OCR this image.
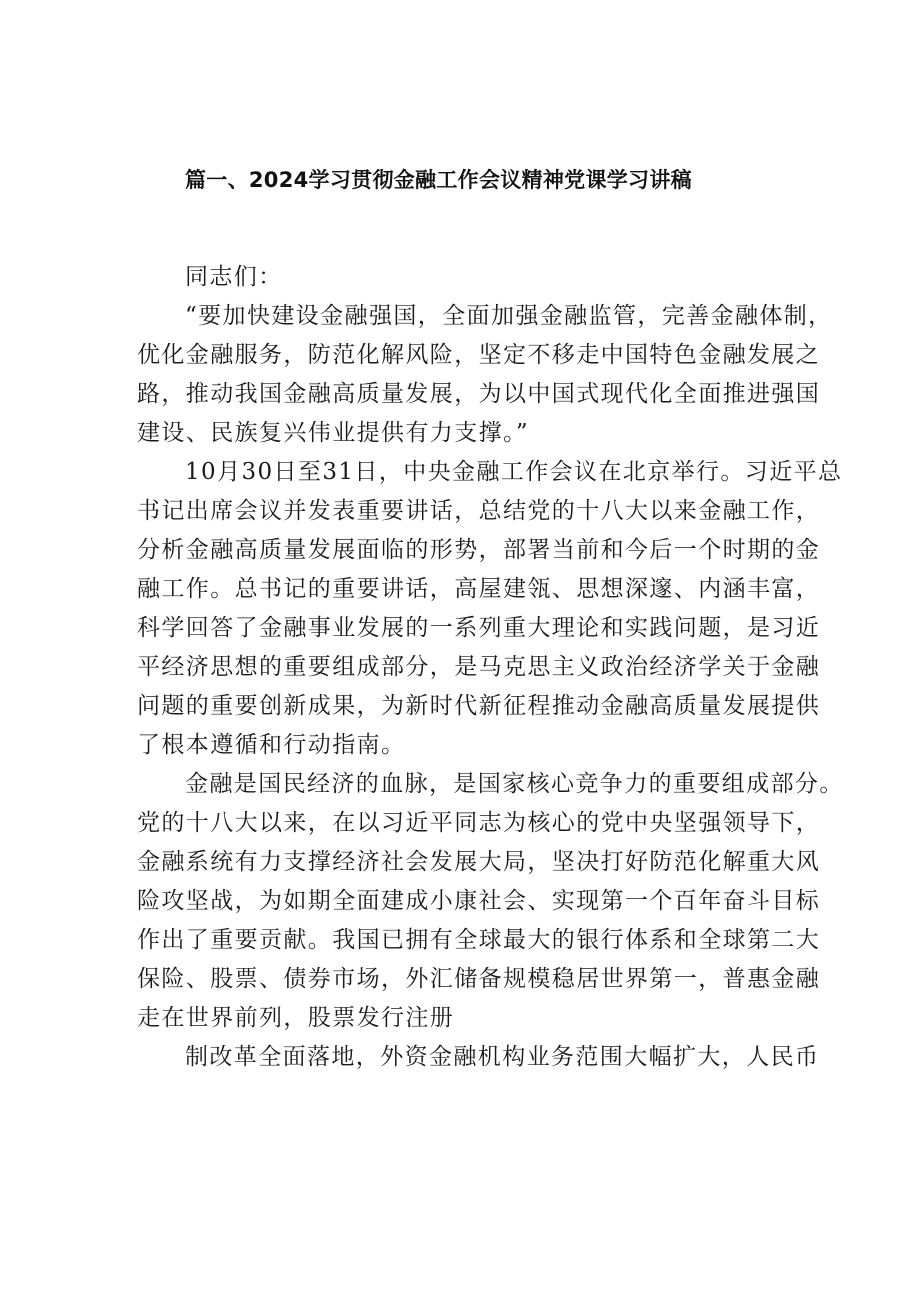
篇一、2024学习贯彻金融工作会议精神党课学习讲稿

同志们：

“要加快建设金融强国，全面加强金融监管，完善金融体制，
优化金融服务，防范化解风险，坚定不移走中国特色金融发展之
路，推动我国金融高质量发展，为以中国式现代化全面推进强国
建设、民族复兴伟业提供有力支撑。”

10月30日至31日，中央金融工作会议在北京举行。习近平总
书记出席会议并发表重要讲话，总结党的十八大以来金融工作，
分析金融高质量发展面临的形势，部署当前和今后一个时期的金
融工作。总书记的重要讲话，高屋建瓴、思想深邃、内涵丰富，
科学回答了金融事业发展的一系列重大理论和实践问题，是习近
平经济思想的重要组成部分，是马克思主义政治经济学关于金融
问题的重要创新成果，为新时代新征程推动金融高质量发展提供
了根本遵循和行动指南。

金融是国民经济的血脉，是国家核心竞争力的重要组成部分。
党的十八大以来，在以习近平同志为核心的党中央坚强领导下，
金融系统有力支撑经济社会发展大局，坚决打好防范化解重大风
险攻坚战，为如期全面建成小康社会、实现第一个百年奋斗目标
作出了重要贡献。我国已拥有全球最大的银行体系和全球第二大
保险、股票、债券市场，外汇储备规模稳居世界第一，普惠金融
走在世界前列，股票发行注册

制改革全面落地，外资金融机构业务范围大幅扩大，人民币
